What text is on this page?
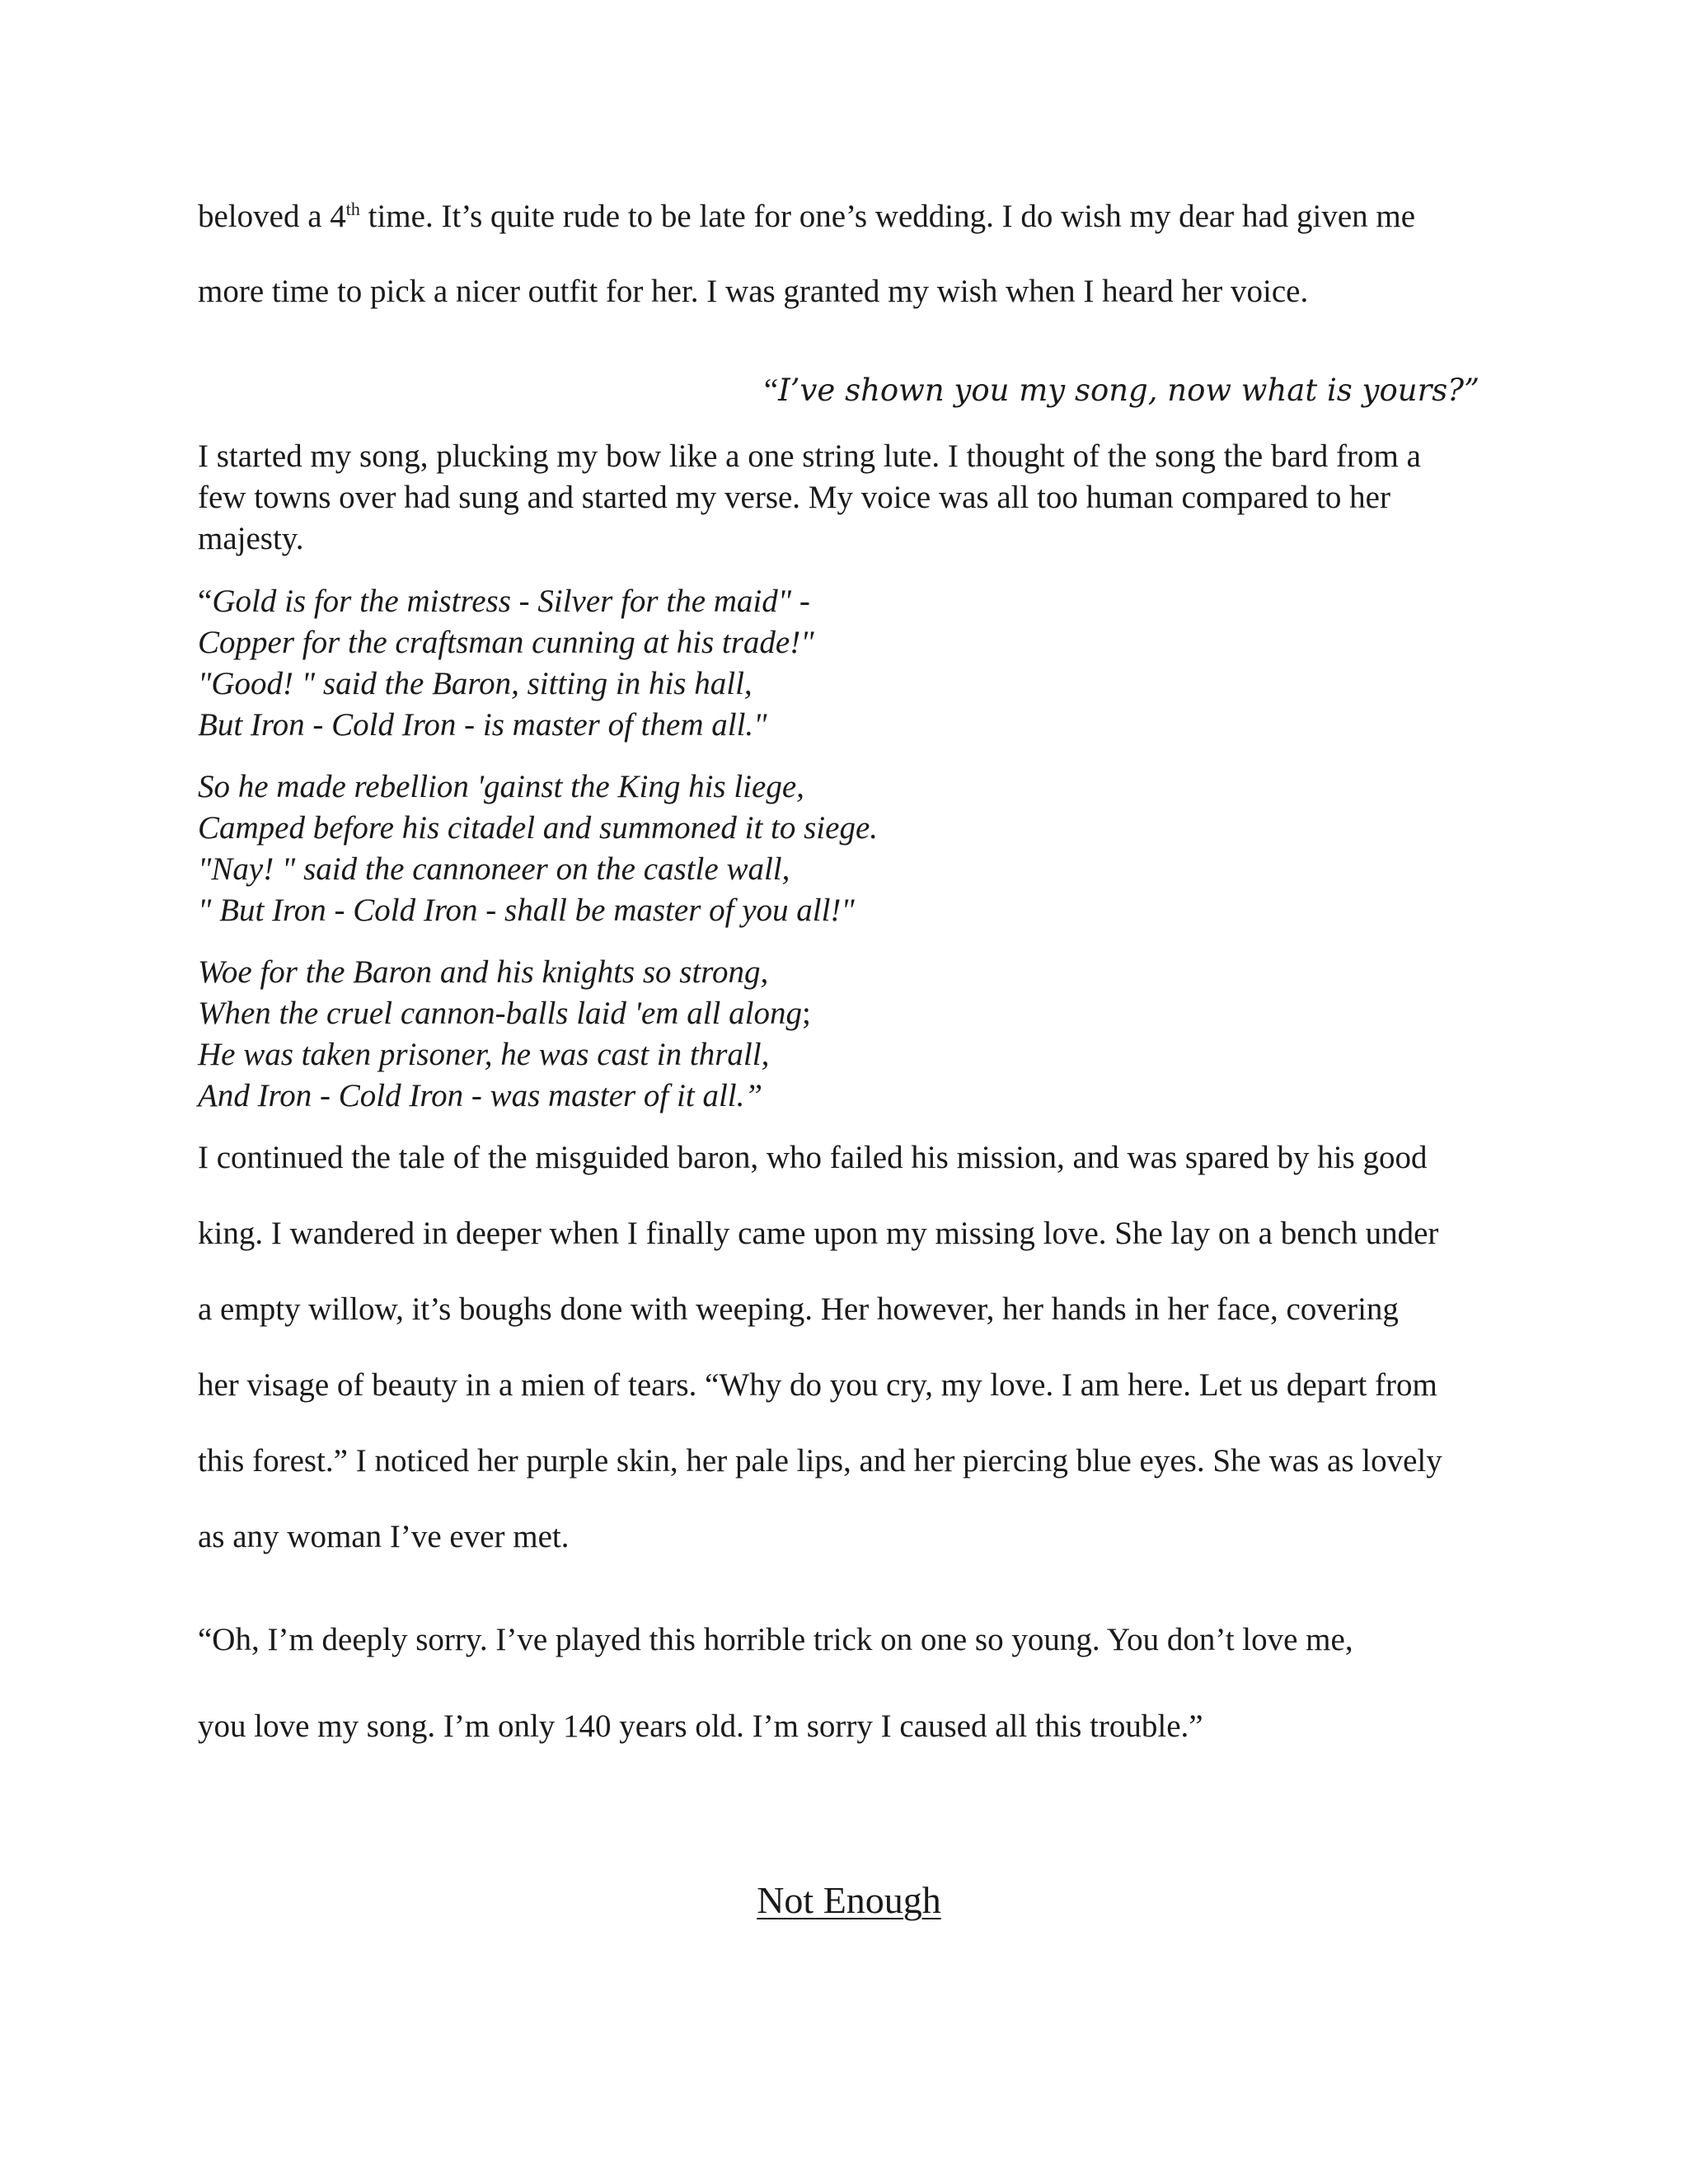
beloved a 4th time. It’s quite rude to be late for one’s wedding. I do wish my dear had given me
more time to pick a nicer outfit for her. I was granted my wish when I heard her voice.
“I’ve shown you my song, now what is yours?”
I started my song, plucking my bow like a one string lute. I thought of the song the bard from a
few towns over had sung and started my verse. My voice was all too human compared to her
majesty.
“Gold is for the mistress - Silver for the maid" -
Copper for the craftsman cunning at his trade!"
"Good! " said the Baron, sitting in his hall,
But Iron - Cold Iron - is master of them all."
So he made rebellion 'gainst the King his liege,
Camped before his citadel and summoned it to siege.
"Nay! " said the cannoneer on the castle wall,
" But Iron - Cold Iron - shall be master of you all!"
Woe for the Baron and his knights so strong,
When the cruel cannon-balls laid 'em all along;
He was taken prisoner, he was cast in thrall,
And Iron - Cold Iron - was master of it all.”
I continued the tale of the misguided baron, who failed his mission, and was spared by his good
king. I wandered in deeper when I finally came upon my missing love. She lay on a bench under
a empty willow, it’s boughs done with weeping. Her however, her hands in her face, covering
her visage of beauty in a mien of tears. “Why do you cry, my love. I am here. Let us depart from
this forest.” I noticed her purple skin, her pale lips, and her piercing blue eyes. She was as lovely
as any woman I’ve ever met.
“Oh, I’m deeply sorry. I’ve played this horrible trick on one so young. You don’t love me,
you love my song. I’m only 140 years old. I’m sorry I caused all this trouble.”
Not Enough
